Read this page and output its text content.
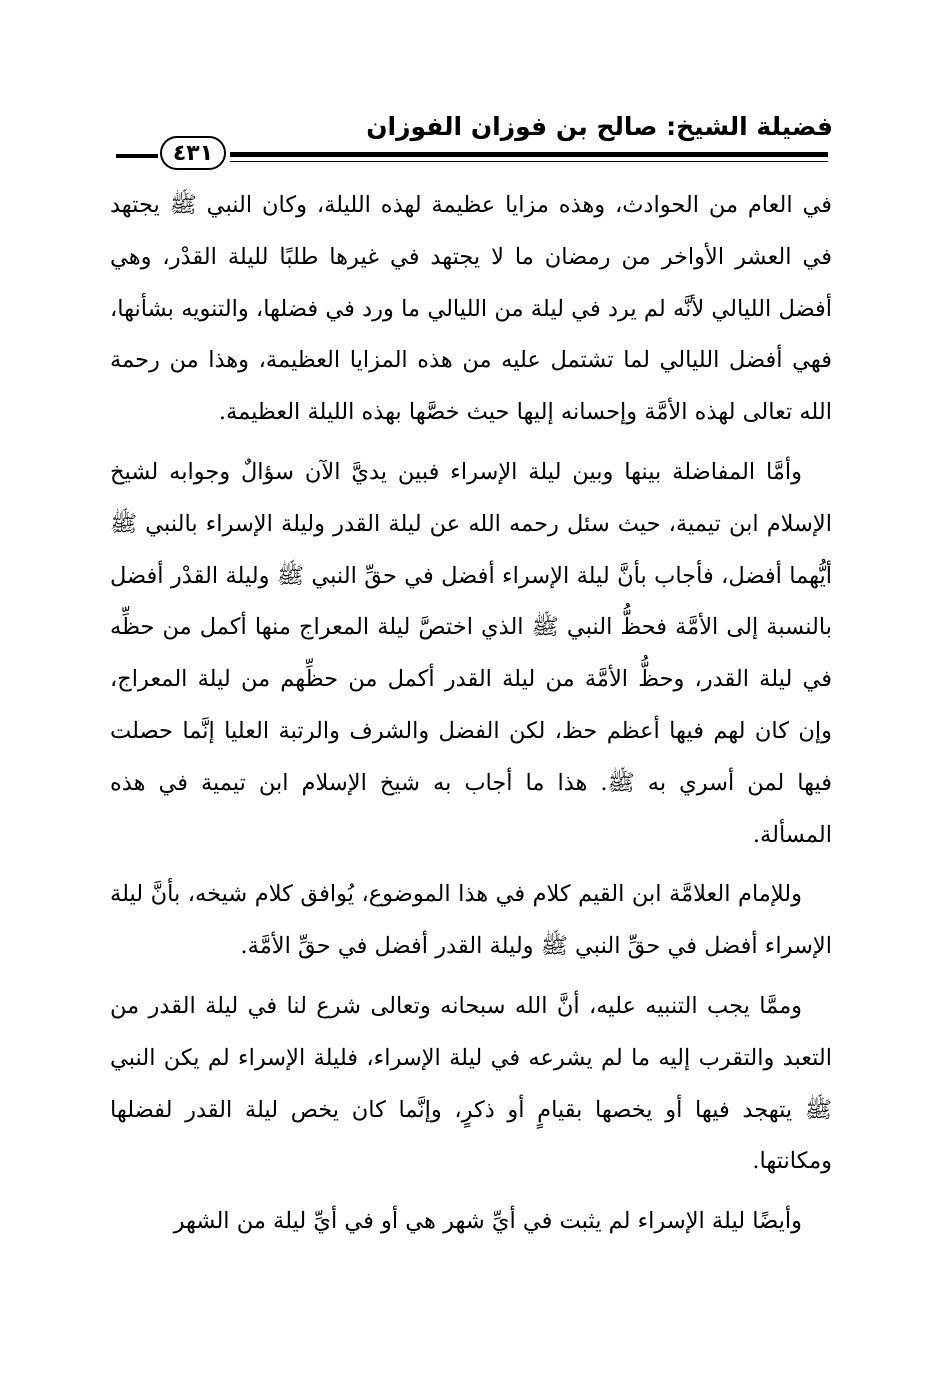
فضيلة الشيخ: صالح بن فوزان الفوزان
٤٣١

في العام من الحوادث، وهذه مزايا عظيمة لهذه الليلة، وكان النبي ﷺ يجتهد في العشر الأواخر من رمضان ما لا يجتهد في غيرها طلبًا لليلة القدْر، وهي أفضل الليالي لأنَّه لم يرد في ليلة من الليالي ما ورد في فضلها، والتنويه بشأنها، فهي أفضل الليالي لما تشتمل عليه من هذه المزايا العظيمة، وهذا من رحمة الله تعالى لهذه الأمَّة وإحسانه إليها حيث خصَّها بهذه الليلة العظيمة.

وأمَّا المفاضلة بينها وبين ليلة الإسراء فبين يديَّ الآن سؤالٌ وجوابه لشيخ الإسلام ابن تيمية، حيث سئل رحمه الله عن ليلة القدر وليلة الإسراء بالنبي ﷺ أيُّهما أفضل، فأجاب بأنَّ ليلة الإسراء أفضل في حقِّ النبي ﷺ وليلة القدْر أفضل بالنسبة إلى الأمَّة فحظُّ النبي ﷺ الذي اختصَّ ليلة المعراج منها أكمل من حظِّه في ليلة القدر، وحظُّ الأمَّة من ليلة القدر أكمل من حظِّهم من ليلة المعراج، وإن كان لهم فيها أعظم حظ، لكن الفضل والشرف والرتبة العليا إنَّما حصلت فيها لمن أسري به ﷺ. هذا ما أجاب به شيخ الإسلام ابن تيمية في هذه المسألة.

وللإمام العلامَّة ابن القيم كلام في هذا الموضوع، يُوافق كلام شيخه، بأنَّ ليلة الإسراء أفضل في حقِّ النبي ﷺ وليلة القدر أفضل في حقِّ الأمَّة.

وممَّا يجب التنبيه عليه، أنَّ الله سبحانه وتعالى شرع لنا في ليلة القدر من التعبد والتقرب إليه ما لم يشرعه في ليلة الإسراء، فليلة الإسراء لم يكن النبي ﷺ يتهجد فيها أو يخصها بقيامٍ أو ذكرٍ، وإنَّما كان يخص ليلة القدر لفضلها ومكانتها.

وأيضًا ليلة الإسراء لم يثبت في أيِّ شهر هي أو في أيِّ ليلة من الشهر
